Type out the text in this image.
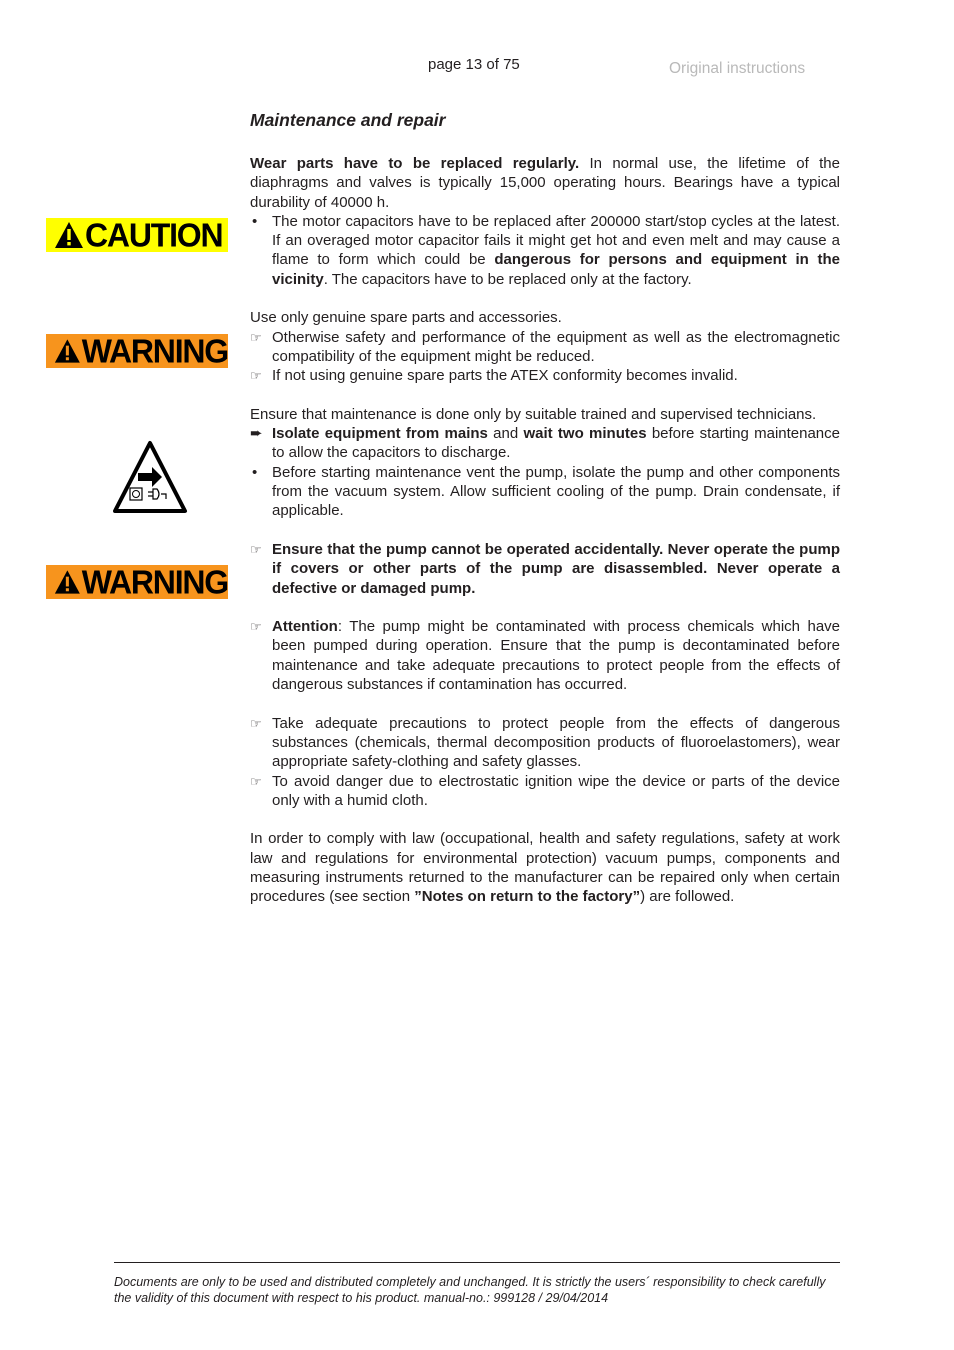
page 13 of 75	Original instructions
Maintenance and repair
CAUTION
WARNING
WARNING

Wear parts have to be replaced regularly. In normal use, the lifetime of the diaphragms and valves is typically 15,000 operating hours. Bearings have a typical durability of 40000 h.

• The motor capacitors have to be replaced after 200000 start/stop cycles at the latest. If an overaged motor capacitor fails it might get hot and even melt and may cause a flame to form which could be dangerous for persons and equipment in the vicinity. The capacitors have to be replaced only at the factory.

Use only genuine spare parts and accessories.

☞ Otherwise safety and performance of the equipment as well as the electromagnetic compatibility of the equipment might be reduced.
☞ If not using genuine spare parts the ATEX conformity becomes invalid.

Ensure that maintenance is done only by suitable trained and supervised technicians.

➨ Isolate equipment from mains and wait two minutes before starting maintenance to allow the capacitors to discharge.
• Before starting maintenance vent the pump, isolate the pump and other components from the vacuum system. Allow sufficient cooling of the pump. Drain condensate, if applicable.
☞ Ensure that the pump cannot be operated accidentally. Never operate the pump if covers or other parts of the pump are disassembled. Never operate a defective or damaged pump.
☞ Attention: The pump might be contaminated with process chemicals which have been pumped during operation. Ensure that the pump is decontaminated before maintenance and take adequate precautions to protect people from the effects of dangerous substances if contamination has occurred.
☞ Take adequate precautions to protect people from the effects of dangerous substances (chemicals, thermal decomposition products of fluoroelastomers), wear appropriate safety-clothing and safety glasses.
☞ To avoid danger due to electrostatic ignition wipe the device or parts of the device only with a humid cloth.

In order to comply with law (occupational, health and safety regulations, safety at work law and regulations for environmental protection) vacuum pumps, components and measuring instruments returned to the manufacturer can be repaired only when certain procedures (see section ”Notes on return to the factory”) are followed.

Documents are only to be used and distributed completely and unchanged. It is strictly the users´ responsibility to check carefully
the validity of this document with respect to his product. manual-no.: 999128 / 29/04/2014
